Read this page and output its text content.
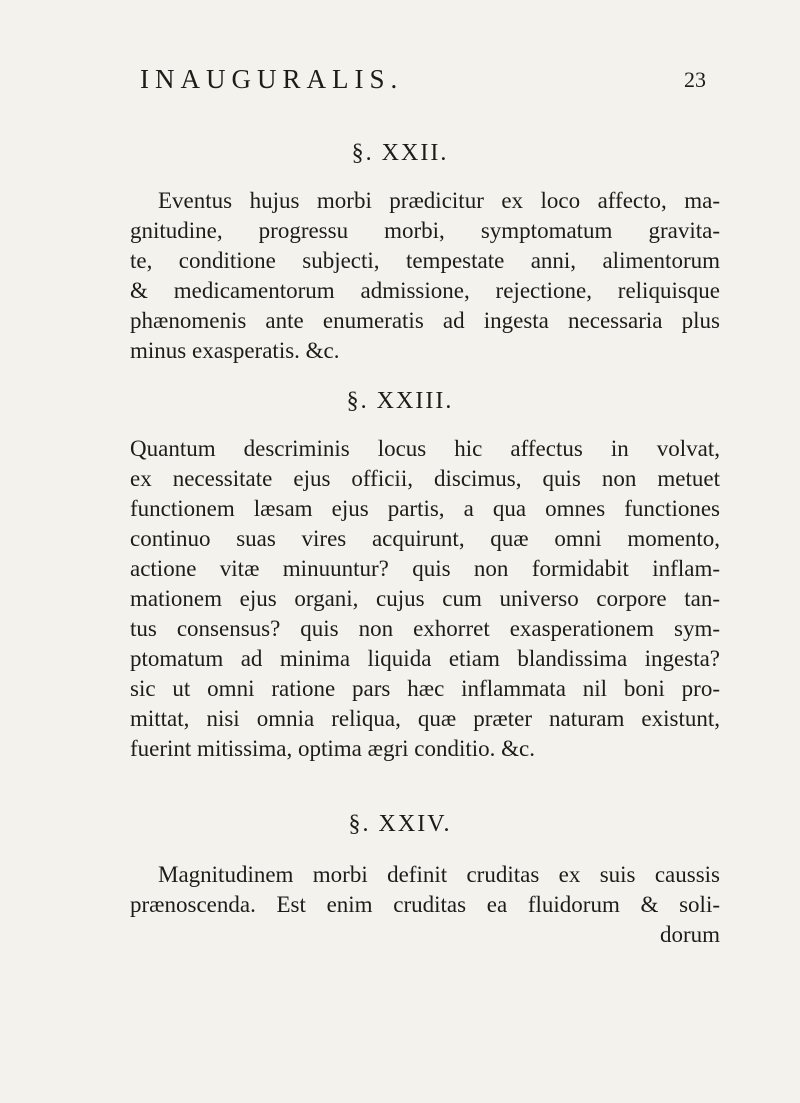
INAUGURALIS.	23
§. XXII.
Eventus hujus morbi prædicitur ex loco affecto, ma-
gnitudine, progressu morbi, symptomatum gravita-
te, conditione subjecti, tempestate anni, alimentorum
& medicamentorum admissione, rejectione, reliquisque
phænomenis ante enumeratis ad ingesta necessaria plus
minus exasperatis. &c.
§. XXIII.
Quantum descriminis locus hic affectus in volvat,
ex necessitate ejus officii, discimus, quis non metuet
functionem læsam ejus partis, a qua omnes functiones
continuo suas vires acquirunt, quæ omni momento,
actione vitæ minuuntur? quis non formidabit inflam-
mationem ejus organi, cujus cum universo corpore tan-
tus consensus? quis non exhorret exasperationem sym-
ptomatum ad minima liquida etiam blandissima ingesta?
sic ut omni ratione pars hæc inflammata nil boni pro-
mittat, nisi omnia reliqua, quæ præter naturam existunt,
fuerint mitissima, optima ægri conditio. &c.
§. XXIV.
Magnitudinem morbi definit cruditas ex suis caussis
prænoscenda. Est enim cruditas ea fluidorum & soli-
dorum
